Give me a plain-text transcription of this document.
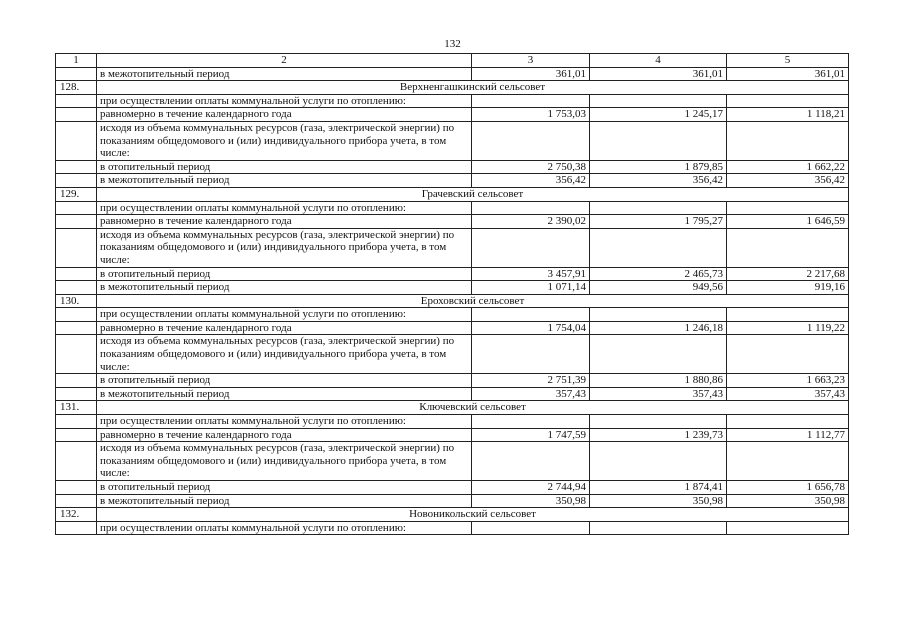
132
1	2	3	4	5
	в межотопительный период	361,01	361,01	361,01
128.	Верхненгашкинский сельсовет			
	при осуществлении оплаты коммунальной услуги по отоплению:			
	равномерно в течение календарного года	1 753,03	1 245,17	1 118,21
	исходя из объема коммунальных ресурсов (газа, электрической энергии) по показаниям общедомового и (или) индивидуального прибора учета, в том числе:			
	в отопительный период	2 750,38	1 879,85	1 662,22
	в межотопительный период	356,42	356,42	356,42
129.	Грачевский сельсовет			
	при осуществлении оплаты коммунальной услуги по отоплению:			
	равномерно в течение календарного года	2 390,02	1 795,27	1 646,59
	исходя из объема коммунальных ресурсов (газа, электрической энергии) по показаниям общедомового и (или) индивидуального прибора учета, в том числе:			
	в отопительный период	3 457,91	2 465,73	2 217,68
	в межотопительный период	1 071,14	949,56	919,16
130.	Ероховский сельсовет			
	при осуществлении оплаты коммунальной услуги по отоплению:			
	равномерно в течение календарного года	1 754,04	1 246,18	1 119,22
	исходя из объема коммунальных ресурсов (газа, электрической энергии) по показаниям общедомового и (или) индивидуального прибора учета, в том числе:			
	в отопительный период	2 751,39	1 880,86	1 663,23
	в межотопительный период	357,43	357,43	357,43
131.	Ключевский сельсовет			
	при осуществлении оплаты коммунальной услуги по отоплению:			
	равномерно в течение календарного года	1 747,59	1 239,73	1 112,77
	исходя из объема коммунальных ресурсов (газа, электрической энергии) по показаниям общедомового и (или) индивидуального прибора учета, в том числе:			
	в отопительный период	2 744,94	1 874,41	1 656,78
	в межотопительный период	350,98	350,98	350,98
132.	Новоникольский сельсовет			
	при осуществлении оплаты коммунальной услуги по отоплению:			
